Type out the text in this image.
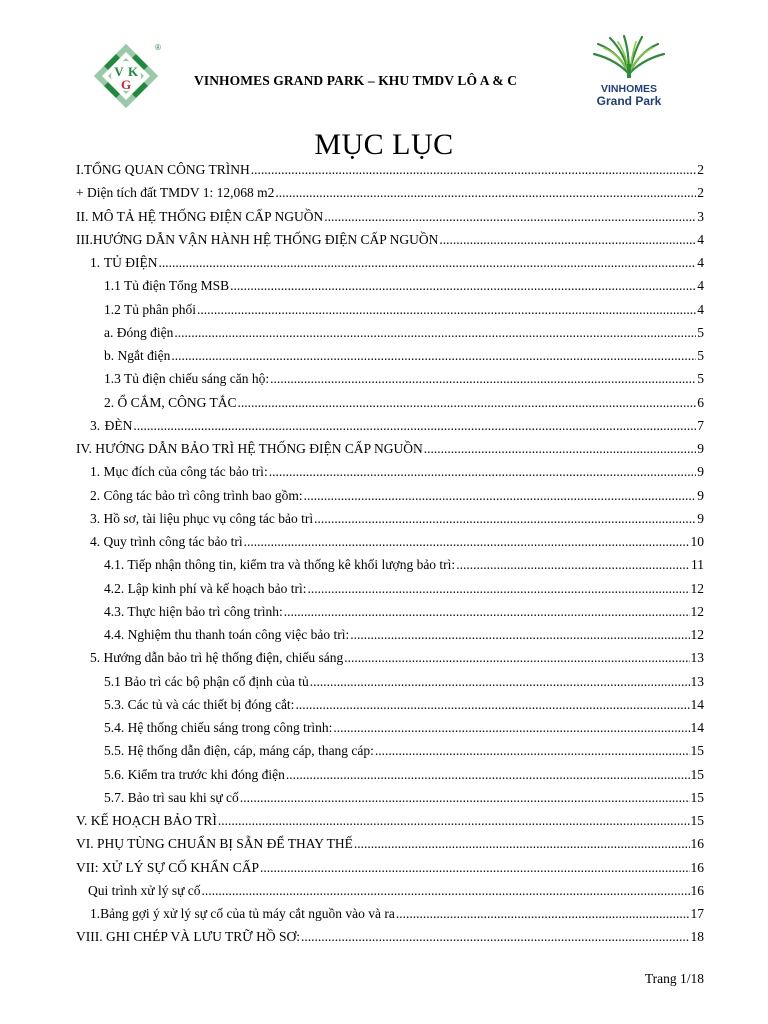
V K
G
®
VINHOMES GRAND PARK – KHU TMDV LÔ A & C
VINHOMES
Grand Park
MỤC LỤC
I.TỔNG QUAN CÔNG TRÌNH .....	2
+ Diện tích đất TMDV 1: 12,068 m2 .....	2
II. MÔ TẢ HỆ THỐNG ĐIỆN CẤP NGUỒN .....	3
III. HƯỚNG DẪN VẬN HÀNH HỆ THỐNG ĐIỆN CẤP NGUỒN .....	4
1. TỦ ĐIỆN .....	4
1.1 Tủ điện Tổng MSB .....	4
1.2 Tủ phân phối .....	4
a. Đóng điện .....	5
b. Ngắt điện .....	5
1.3 Tủ điện chiếu sáng căn hộ: .....	5
2. Ổ CẮM, CÔNG TẮC .....	6
3. ĐÈN .....	7
IV. HƯỚNG DẪN BẢO TRÌ HỆ THỐNG ĐIỆN CẤP NGUỒN .....	9
1. Mục đích của công tác bảo trì: .....	9
2. Công tác bảo trì công trình bao gồm: .....	9
3. Hồ sơ, tài liệu phục vụ công tác bảo trì .....	9
4. Quy trình công tác bảo trì .....	10
4.1. Tiếp nhận thông tin, kiểm tra và thống kê khối lượng bảo trì: .....	11
4.2. Lập kinh phí và kế hoạch bảo trì: .....	12
4.3. Thực hiện bảo trì công trình: .....	12
4.4. Nghiệm thu thanh toán công việc bảo trì: .....	12
5. Hướng dẫn bảo trì hệ thống điện, chiếu sáng .....	13
5.1 Bảo trì các bộ phận cố định của tủ .....	13
5.3. Các tủ và các thiết bị đóng cắt: .....	14
5.4. Hệ thống chiếu sáng trong công trình: .....	14
5.5. Hệ thống dẫn điện, cáp, máng cáp, thang cáp: .....	15
5.6. Kiểm tra trước khi đóng điện .....	15
5.7. Bảo trì sau khi sự cố .....	15
V. KẾ HOẠCH BẢO TRÌ .....	15
VI. PHỤ TÙNG CHUẨN BỊ SẴN ĐỂ THAY THẾ .....	16
VII: XỬ LÝ SỰ CỐ KHẨN CẤP .....	16
Qui trình xử lý sự cố .....	16
1. Bảng gợi ý xử lý sự cố của tủ máy cắt nguồn vào và ra .....	17
VIII. GHI CHÉP VÀ LƯU TRỮ HỒ SƠ: .....	18
Trang 1/18
